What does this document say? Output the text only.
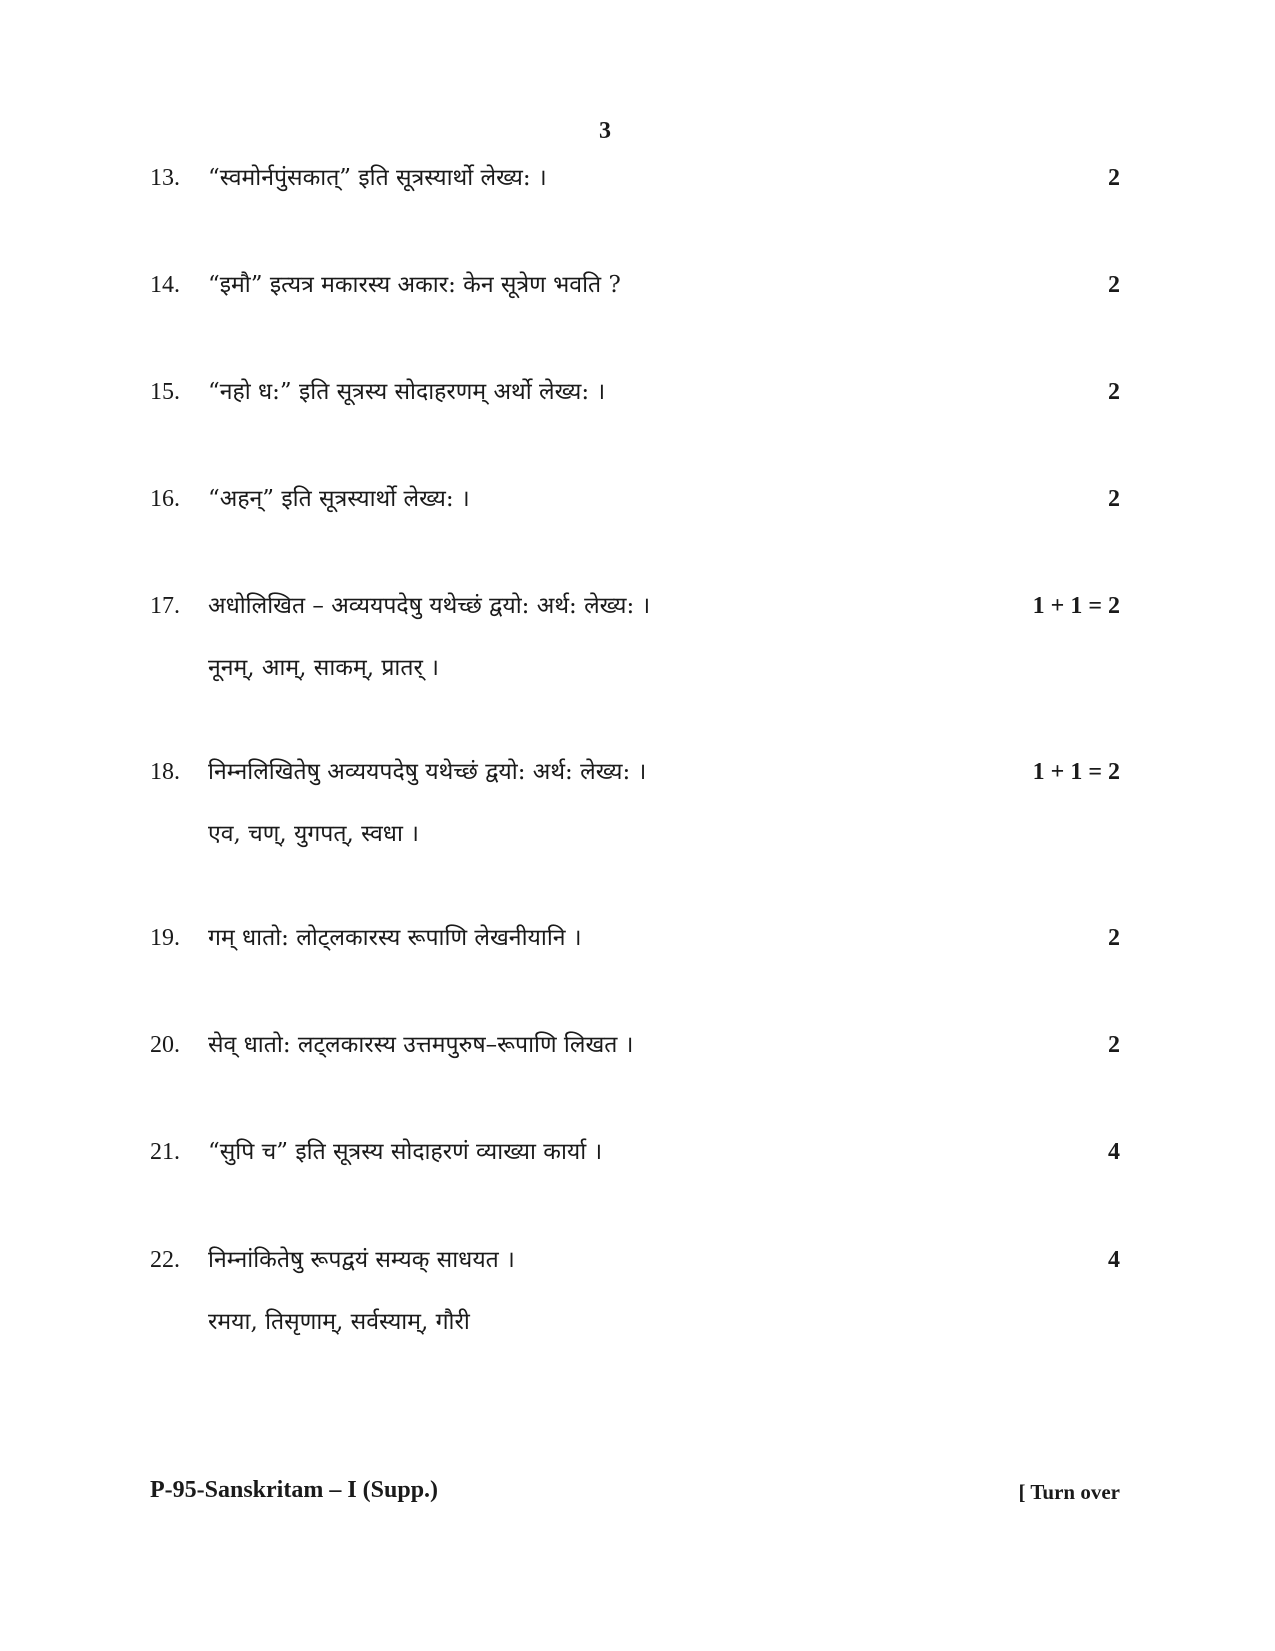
3
13. “स्वमोर्नपुंसकात्” इति सूत्रस्यार्थो लेख्य: ।	2
14. “इमौ” इत्यत्र मकारस्य अकार: केन सूत्रेण भवति ?	2
15. “नहो ध:” इति सूत्रस्य सोदाहरणम् अर्थो लेख्य: ।	2
16. “अहन्” इति सूत्रस्यार्थो लेख्य: ।	2
17. अधोलिखित – अव्ययपदेषु यथेच्छं द्वयो: अर्थ: लेख्य: ।	1 + 1 = 2
नूनम्, आम्, साकम्, प्रातर् ।
18. निम्नलिखितेषु अव्ययपदेषु यथेच्छं द्वयो: अर्थ: लेख्य: ।	1 + 1 = 2
एव, चण्, युगपत्, स्वधा ।
19. गम् धातो: लोट्लकारस्य रूपाणि लेखनीयानि ।	2
20. सेव् धातो: लट्लकारस्य उत्तमपुरुष–रूपाणि लिखत ।	2
21. “सुपि च” इति सूत्रस्य सोदाहरणं व्याख्या कार्या ।	4
22. निम्नांकितेषु रूपद्वयं सम्यक् साधयत ।	4
रमया, तिसृणाम्, सर्वस्याम्, गौरी
P-95-Sanskritam – I (Supp.)	[ Turn over
